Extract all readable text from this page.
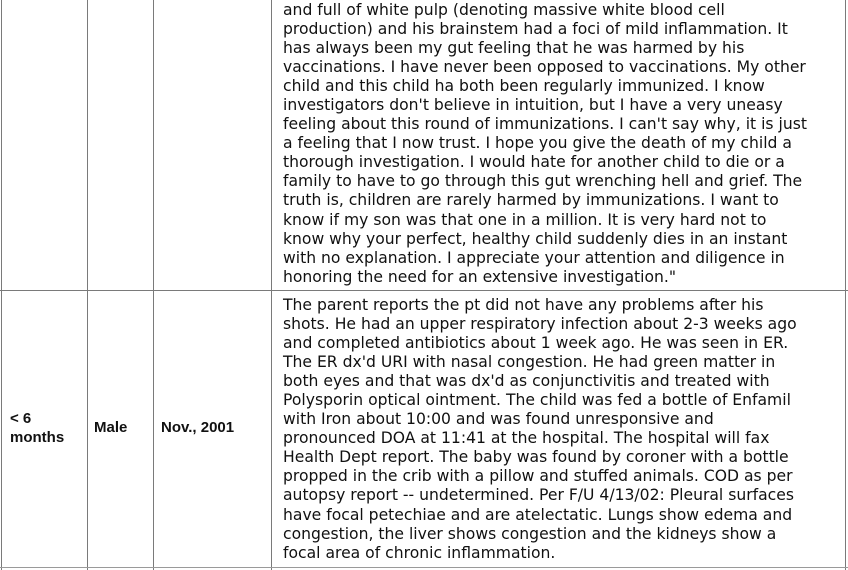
and full of white pulp (denoting massive white blood cell
production) and his brainstem had a foci of mild inflammation. It
has always been my gut feeling that he was harmed by his
vaccinations. I have never been opposed to vaccinations. My other
child and this child ha both been regularly immunized. I know
investigators don't believe in intuition, but I have a very uneasy
feeling about this round of immunizations. I can't say why, it is just
a feeling that I now trust. I hope you give the death of my child a
thorough investigation. I would hate for another child to die or a
family to have to go through this gut wrenching hell and grief. The
truth is, children are rarely harmed by immunizations. I want to
know if my son was that one in a million. It is very hard not to
know why your perfect, healthy child suddenly dies in an instant
with no explanation. I appreciate your attention and diligence in
honoring the need for an extensive investigation."
< 6
months
Male Nov., 2001
The parent reports the pt did not have any problems after his
shots. He had an upper respiratory infection about 2-3 weeks ago
and completed antibiotics about 1 week ago. He was seen in ER.
The ER dx'd URI with nasal congestion. He had green matter in
both eyes and that was dx'd as conjunctivitis and treated with
Polysporin optical ointment. The child was fed a bottle of Enfamil
with Iron about 10:00 and was found unresponsive and
pronounced DOA at 11:41 at the hospital. The hospital will fax
Health Dept report. The baby was found by coroner with a bottle
propped in the crib with a pillow and stuffed animals. COD as per
autopsy report -- undetermined. Per F/U 4/13/02: Pleural surfaces
have focal petechiae and are atelectatic. Lungs show edema and
congestion, the liver shows congestion and the kidneys show a
focal area of chronic inflammation.
